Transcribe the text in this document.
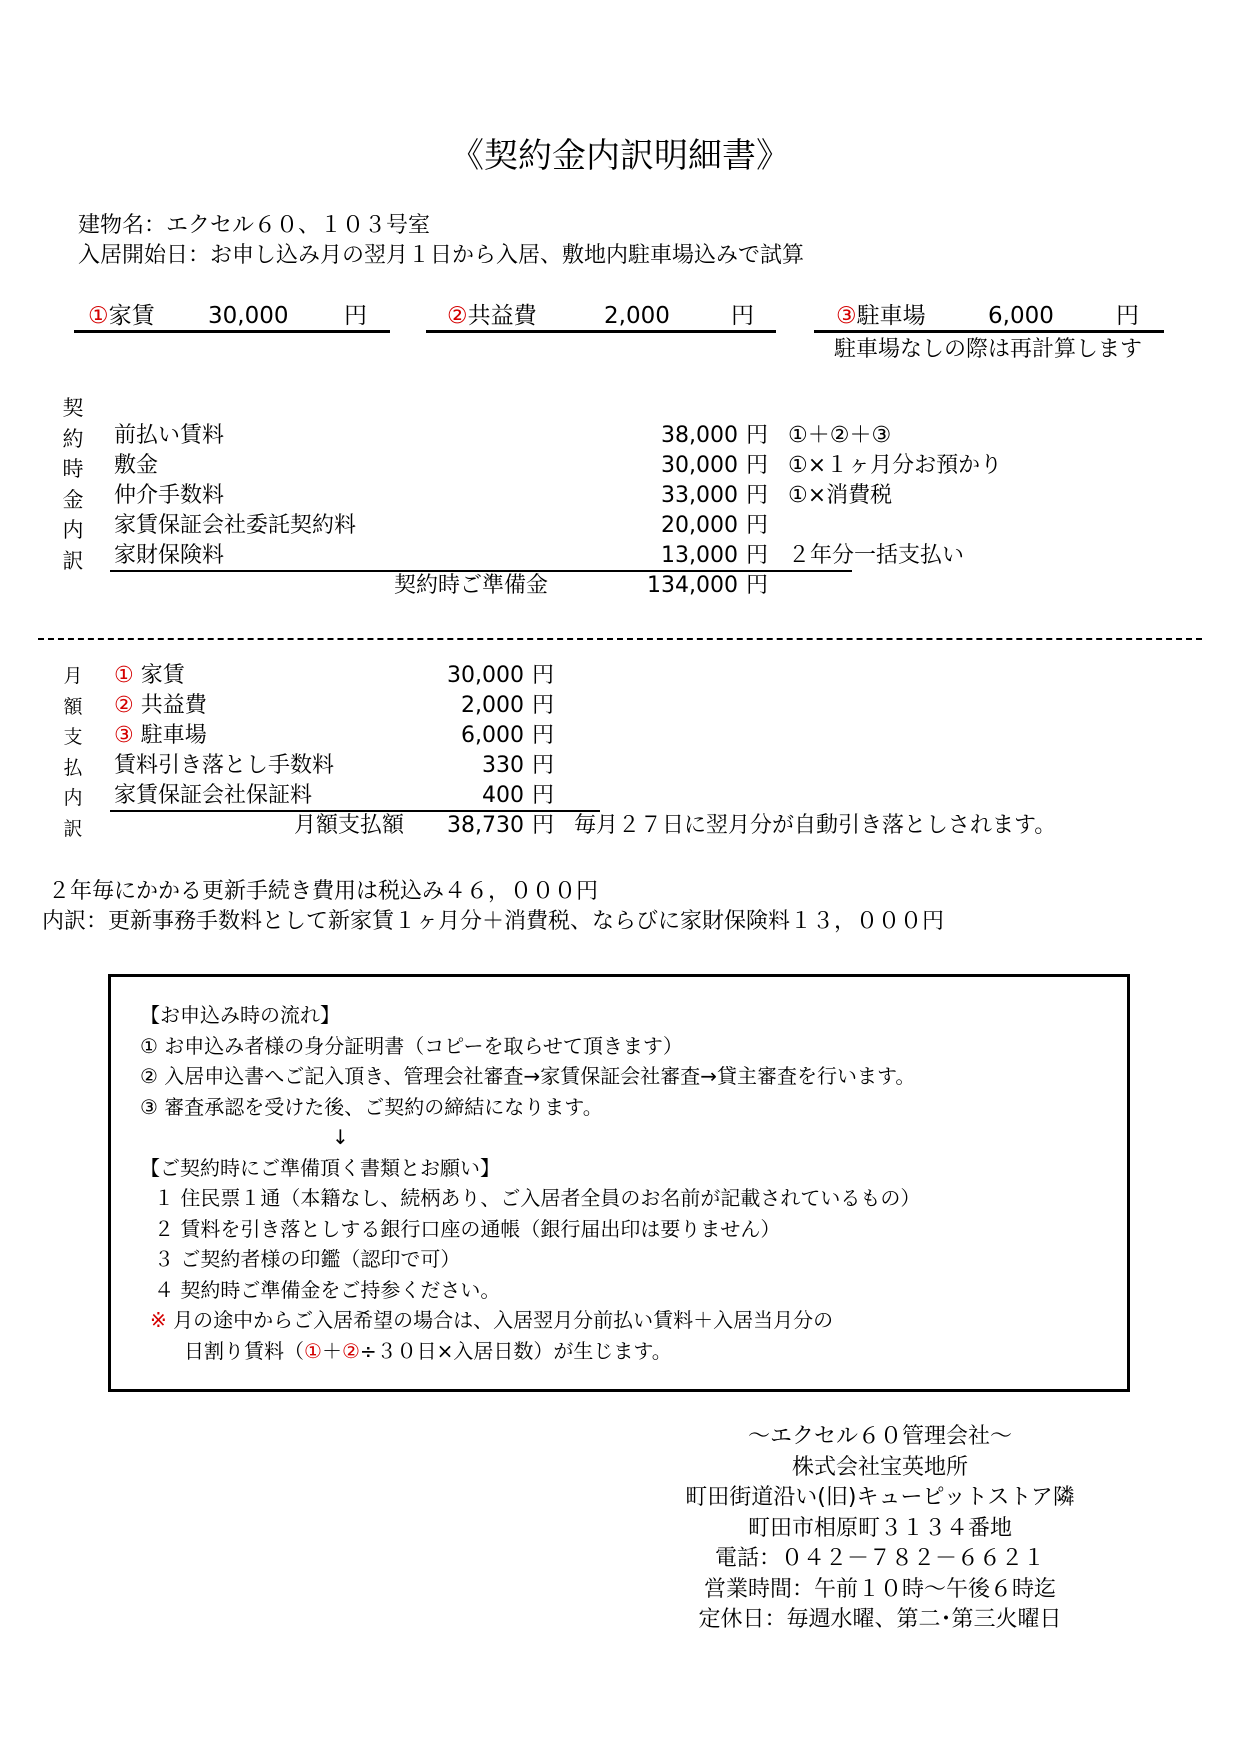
《契約金内訳明細書》
建物名：エクセル６０、１０３号室
入居開始日：お申し込み月の翌月１日から入居、敷地内駐車場込みで試算
①家賃 30,000 円	②共益費	2,000	円	③駐車場	6,000	円
駐車場なしの際は再計算します
契
約
時
金
内
訳
前払い賃料	38,000 円 ①＋②＋③
敷金	30,000 円 ①×１ヶ月分お預かり
仲介手数料	33,000 円 ①×消費税
家賃保証会社委託契約料	20,000 円
家財保険料	13,000 円 ２年分一括支払い
契約時ご準備金	134,000 円
月
額
支
払
内
訳
① 家賃	30,000 円
② 共益費	2,000 円
③ 駐車場	6,000 円
賃料引き落とし手数料	330 円
家賃保証会社保証料	400 円
月額支払額	38,730 円 毎月２７日に翌月分が自動引き落としされます。
２年毎にかかる更新手続き費用は税込み４６，０００円
内訳：更新事務手数料として新家賃１ヶ月分＋消費税、ならびに家財保険料１３，０００円
【お申込み時の流れ】
① お申込み者様の身分証明書（コピーを取らせて頂きます）
② 入居申込書へご記入頂き、管理会社審査→家賃保証会社審査→貸主審査を行います。
③ 審査承認を受けた後、ご契約の締結になります。
↓
【ご契約時にご準備頂く書類とお願い】
１ 住民票１通（本籍なし、続柄あり、ご入居者全員のお名前が記載されているもの）
２ 賃料を引き落としする銀行口座の通帳（銀行届出印は要りません）
３ ご契約者様の印鑑（認印で可）
４ 契約時ご準備金をご持参ください。
※ 月の途中からご入居希望の場合は、入居翌月分前払い賃料＋入居当月分の
日割り賃料（①＋②÷３０日×入居日数）が生じます。
～エクセル６０管理会社～
株式会社宝英地所
町田街道沿い(旧)キューピットストア隣
町田市相原町３１３４番地
電話：０４２－７８２－６６２１
営業時間：午前１０時～午後６時迄
定休日：毎週水曜、第二･第三火曜日
